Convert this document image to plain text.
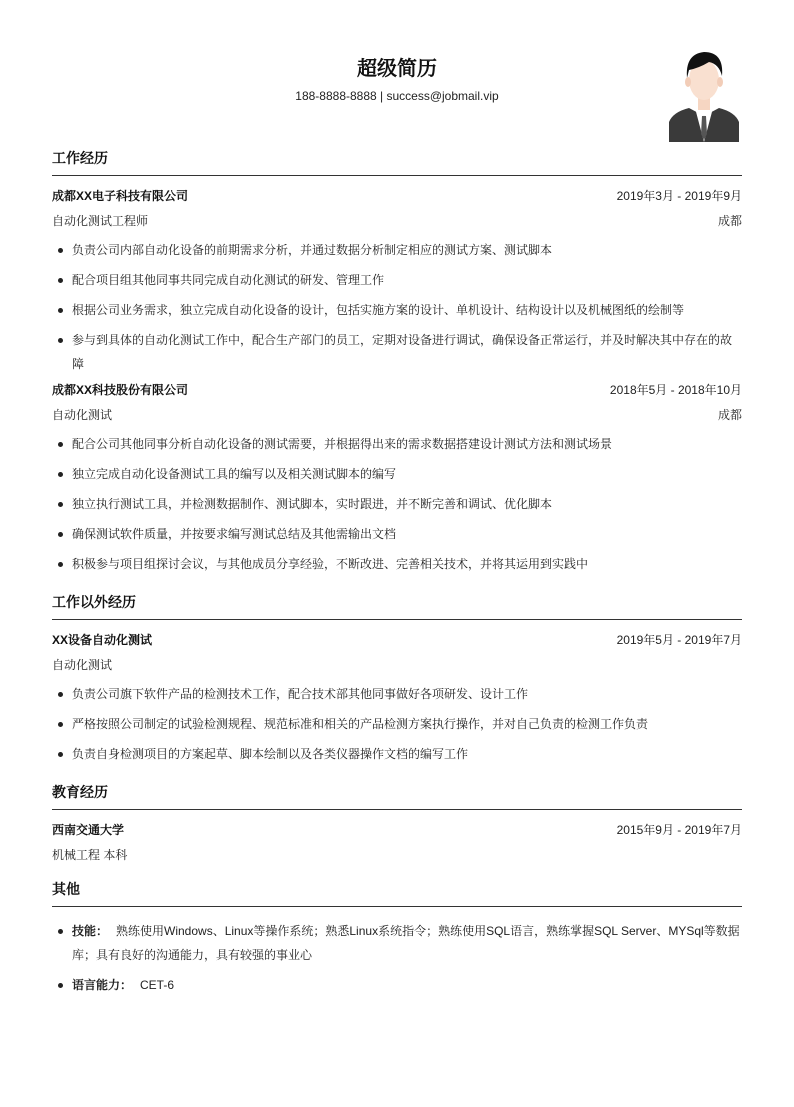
超级简历
188-8888-8888 | success@jobmail.vip
工作经历
成都XX电子科技有限公司	2019年3月 - 2019年9月
自动化测试工程师	成都
负责公司内部自动化设备的前期需求分析，并通过数据分析制定相应的测试方案、测试脚本
配合项目组其他同事共同完成自动化测试的研发、管理工作
根据公司业务需求，独立完成自动化设备的设计，包括实施方案的设计、单机设计、结构设计以及机械图纸的绘制等
参与到具体的自动化测试工作中，配合生产部门的员工，定期对设备进行调试，确保设备正常运行，并及时解决其中存在的故障
成都XX科技股份有限公司	2018年5月 - 2018年10月
自动化测试	成都
配合公司其他同事分析自动化设备的测试需要，并根据得出来的需求数据搭建设计测试方法和测试场景
独立完成自动化设备测试工具的编写以及相关测试脚本的编写
独立执行测试工具，并检测数据制作、测试脚本，实时跟进，并不断完善和调试、优化脚本
确保测试软件质量，并按要求编写测试总结及其他需输出文档
积极参与项目组探讨会议，与其他成员分享经验，不断改进、完善相关技术，并将其运用到实践中
工作以外经历
XX设备自动化测试	2019年5月 - 2019年7月
自动化测试
负责公司旗下软件产品的检测技术工作，配合技术部其他同事做好各项研发、设计工作
严格按照公司制定的试验检测规程、规范标准和相关的产品检测方案执行操作，并对自己负责的检测工作负责
负责自身检测项目的方案起草、脚本绘制以及各类仪器操作文档的编写工作
教育经历
西南交通大学	2015年9月 - 2019年7月
机械工程 本科
其他
技能： 熟练使用Windows、Linux等操作系统；熟悉Linux系统指令；熟练使用SQL语言，熟练掌握SQL Server、MYSql等数据库；具有良好的沟通能力，具有较强的事业心
语言能力： CET-6
